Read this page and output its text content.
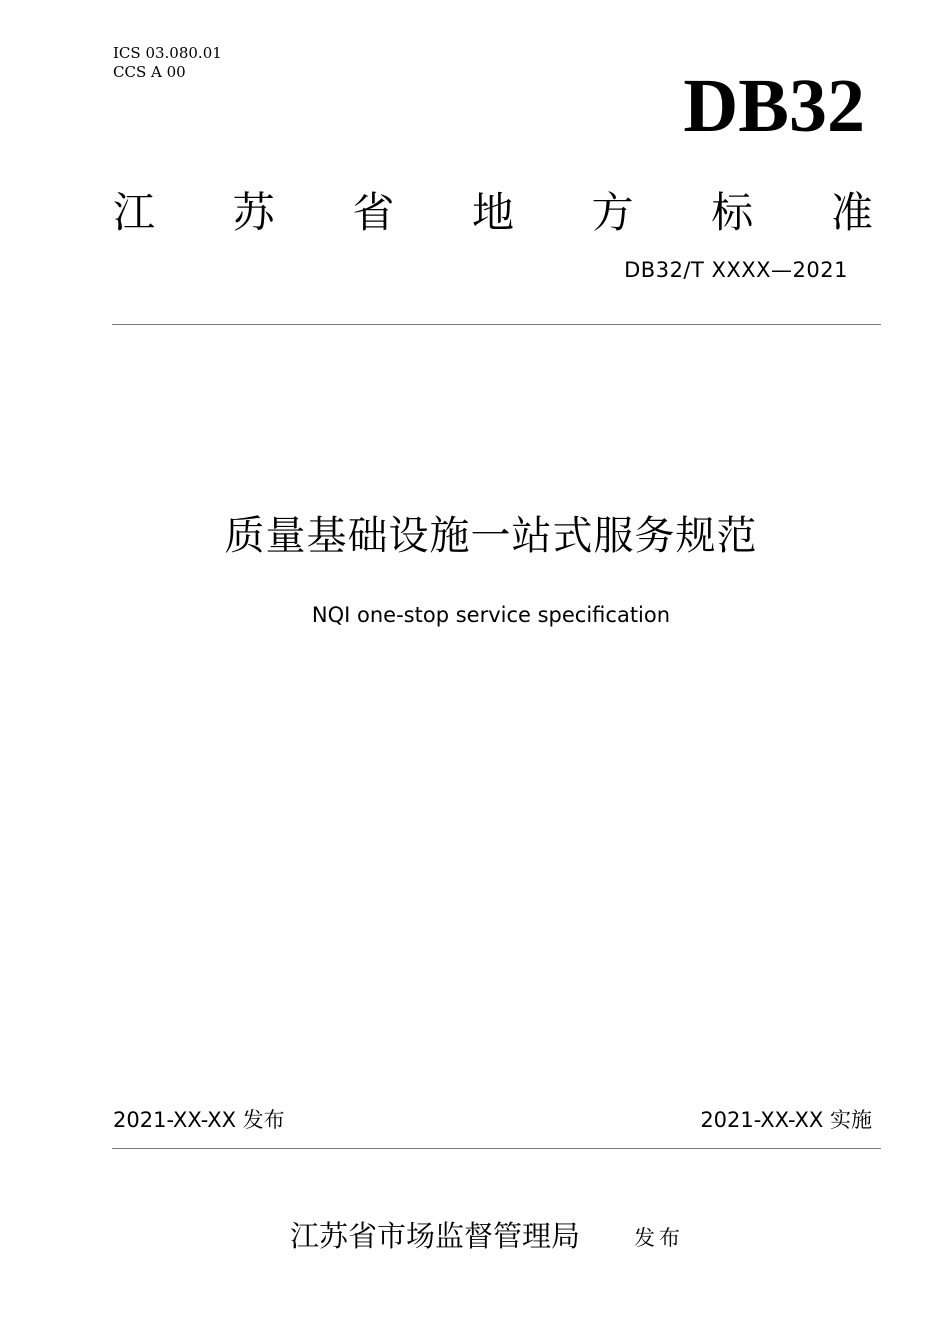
ICS 03.080.01
CCS A 00	DB32
江 苏 省 地 方 标 准
DB32/T XXXX—2021
质量基础设施一站式服务规范
NQI one-stop service specification
2021-XX-XX 发布	2021-XX-XX 实施
江苏省市场监督管理局	发布
